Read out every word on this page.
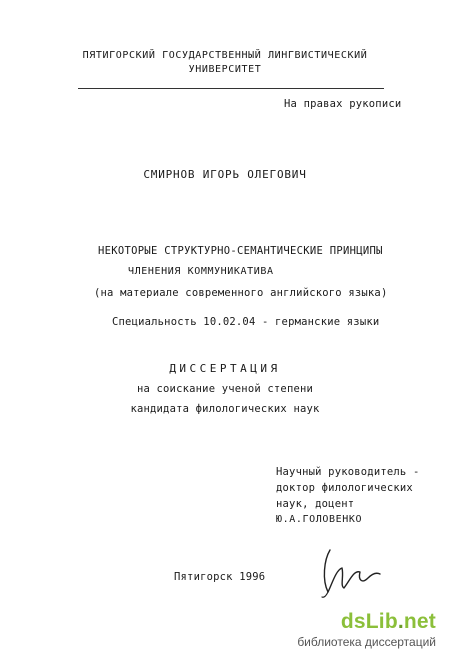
ПЯТИГОРСКИЙ ГОСУДАРСТВЕННЫЙ ЛИНГВИСТИЧЕСКИЙ
УНИВЕРСИТЕТ
На правах рукописи
СМИРНОВ ИГОРЬ ОЛЕГОВИЧ
НЕКОТОРЫЕ СТРУКТУРНО-СЕМАНТИЧЕСКИЕ ПРИНЦИПЫ
ЧЛЕНЕНИЯ КОММУНИКАТИВА
(на материале современного английского языка)
Специальность 10.02.04 - германские языки
ДИССЕРТАЦИЯ
на соискание ученой степени
кандидата филологических наук
Научный руководитель -
доктор филологических
наук, доцент
Ю.А.ГОЛОВЕНКО
Пятигорск 1996
dsLib.net
библиотека диссертаций
